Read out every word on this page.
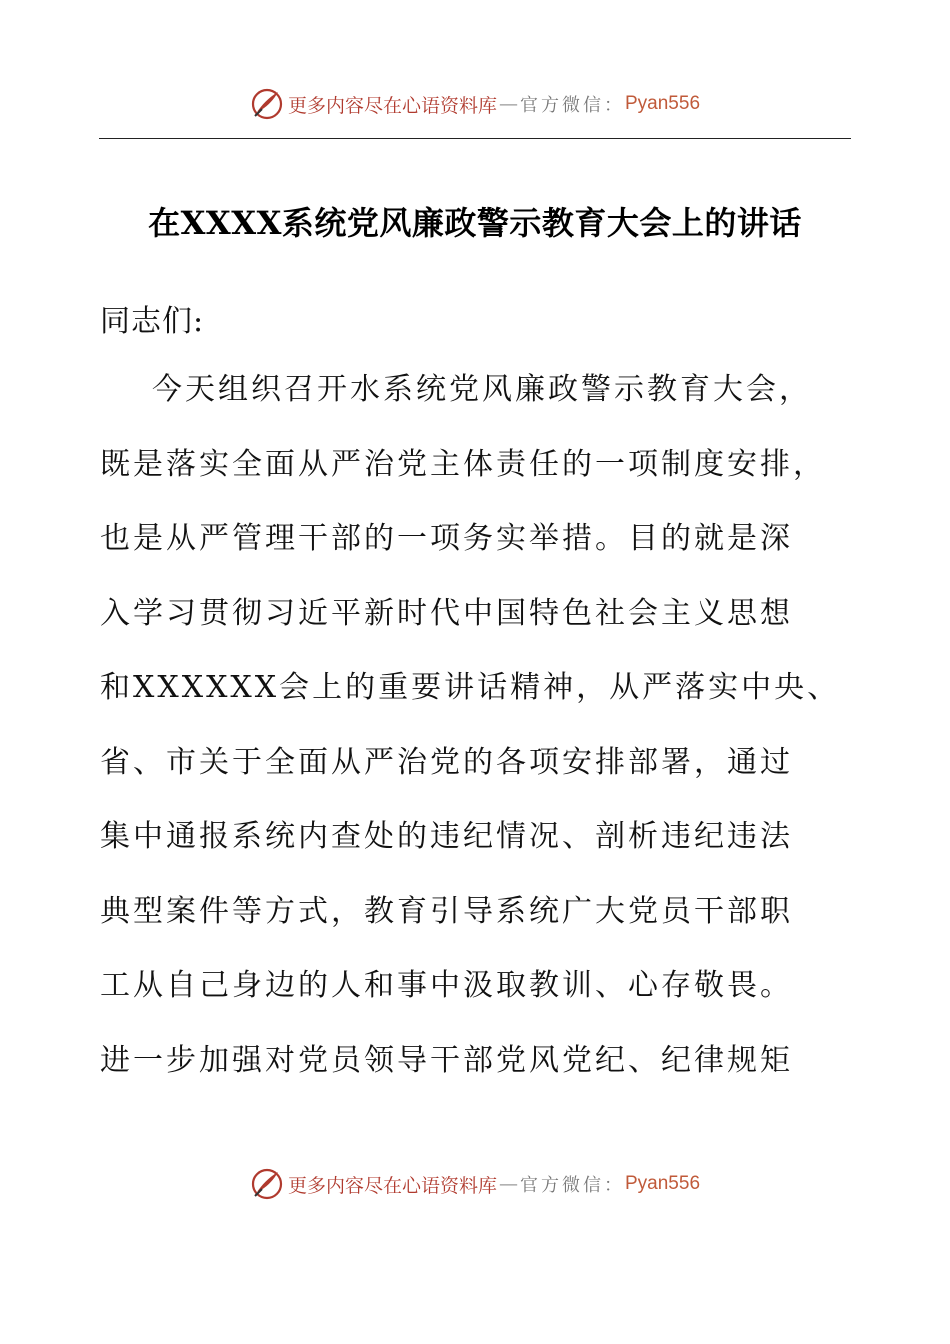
更多内容尽在心语资料库 — 官方微信： Pyan556
在XXXX系统党风廉政警示教育大会上的讲话
同志们:
今天组织召开水系统党风廉政警示教育大会，
既是落实全面从严治党主体责任的一项制度安排，
也是从严管理干部的一项务实举措。目的就是深
入学习贯彻习近平新时代中国特色社会主义思想
和XXXXXX会上的重要讲话精神，从严落实中央、
省、市关于全面从严治党的各项安排部署，通过
集中通报系统内查处的违纪情况、剖析违纪违法
典型案件等方式，教育引导系统广大党员干部职
工从自己身边的人和事中汲取教训、心存敬畏。
进一步加强对党员领导干部党风党纪、纪律规矩
更多内容尽在心语资料库 — 官方微信： Pyan556
